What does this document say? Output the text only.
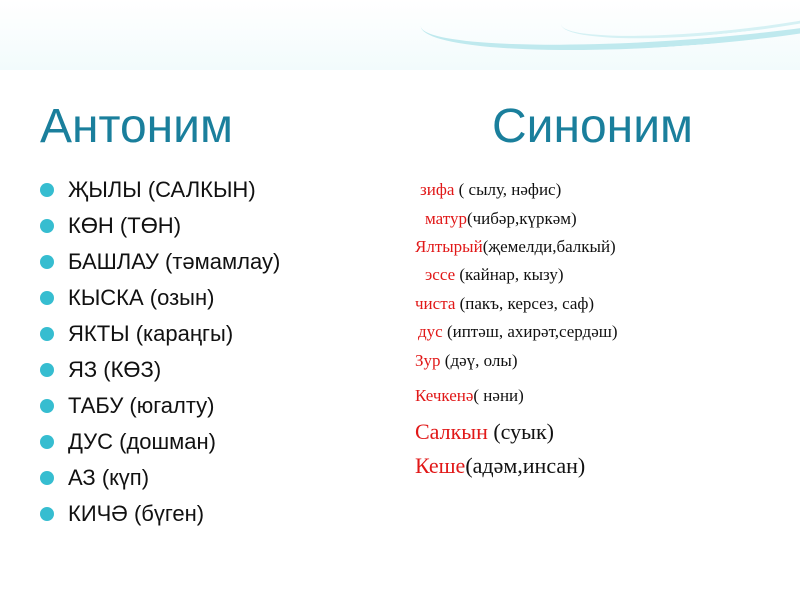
Антоним	Синоним
ҖЫЛЫ (САЛКЫН)
КӨН (ТӨН)
БАШЛАУ (тәмамлау)
КЫСКА (озын)
ЯКТЫ (караңгы)
ЯЗ (КӨЗ)
ТАБУ (югалту)
ДУС (дошман)
АЗ (күп)
КИЧӘ (бүген)
зифа ( сылу, нәфис)
матур(чибәр,күркәм)
Ялтырый(җемелди,балкый)
эссе (кайнар, кызу)
чиста (пакъ, керсез, саф)
дус (иптәш, ахирәт,сердәш)
Зур (дәү, олы)
Кечкенә( нәни)
Салкын (суык)
Кеше(адәм,инсан)
